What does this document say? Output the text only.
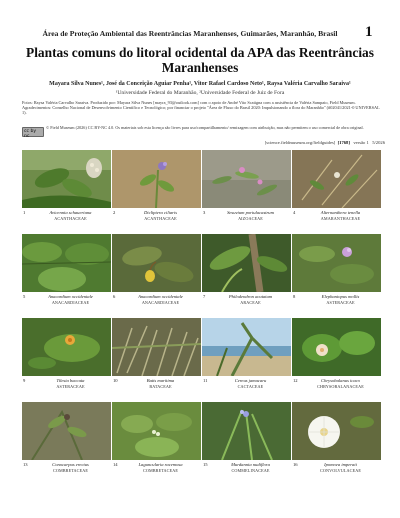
Área de Proteção Ambiental das Reentrâncias Maranhenses, Guimarães, Maranhão, Brasil	1
Plantas comuns do litoral ocidental da APA das Reentrâncias
Maranhenses
Mayara Silva Nunes¹, José da Conceição Aguiar Penha¹, Vitor Rafael Cardoso Neto¹, Raysa Valéria Carvalho Saraiva¹
¹Universidade Federal do Maranhão, ²Universidade Federal de Juiz de Fora
Fotos: Raysa Valéria Carvalho Saraiva. Produzido por: Mayara Silva Nunes [mayra_93@outlook.com] com o apoio de André Vito Scatigna com a assistência de Valéria Sampaio, Field Museum. Agradecimentos: Conselho Nacional de Desenvolvimento Científico e Tecnológico; por financiar o projeto "Área de Fluxo do Brasil 2020: Impulsionando a flora do Maranhão" (#02041/2021-0 UNIVERSAL 1).
cc by nc
© Field Museum (2026) CC BY-NC 4.0. Os materiais sob esta licença são livres para uso/compartilhamento/ remixagem com atribuição, mas não permitem o uso comercial de obra original.
[science.fieldmuseum.org/fieldguides] [1768] versão 1 5/2026
1	Avicennia schaueriana
ACANTHACEAE
2	Dicliptera ciliaris
ACANTHACEAE
3	Sesuvium portulacastrum
AIZOACEAE
4	Alternanthera tenella
AMARANTHACEAE
5	Anacardium occidentale
ANACARDIACEAE
6	Anacardium occidentale
ANACARDIACEAE
7	Philodendron acutatum
ARACEAE
8	Elephantopus mollis
ASTERACEAE
9	Tilesia baccata
ASTERACEAE
10	Batis maritima
BATACEAE
11	Cereus jamacaru
CACTACEAE
12	Chrysobalanus icaco
CHRYSOBALANACEAE
13	Conocarpus erectus
COMBRETACEAE
14	Laguncularia racemosa
COMBRETACEAE
15	Murdannia nudiflora
COMMELINACEAE
16	Ipomoea imperati
CONVOLVULACEAE
